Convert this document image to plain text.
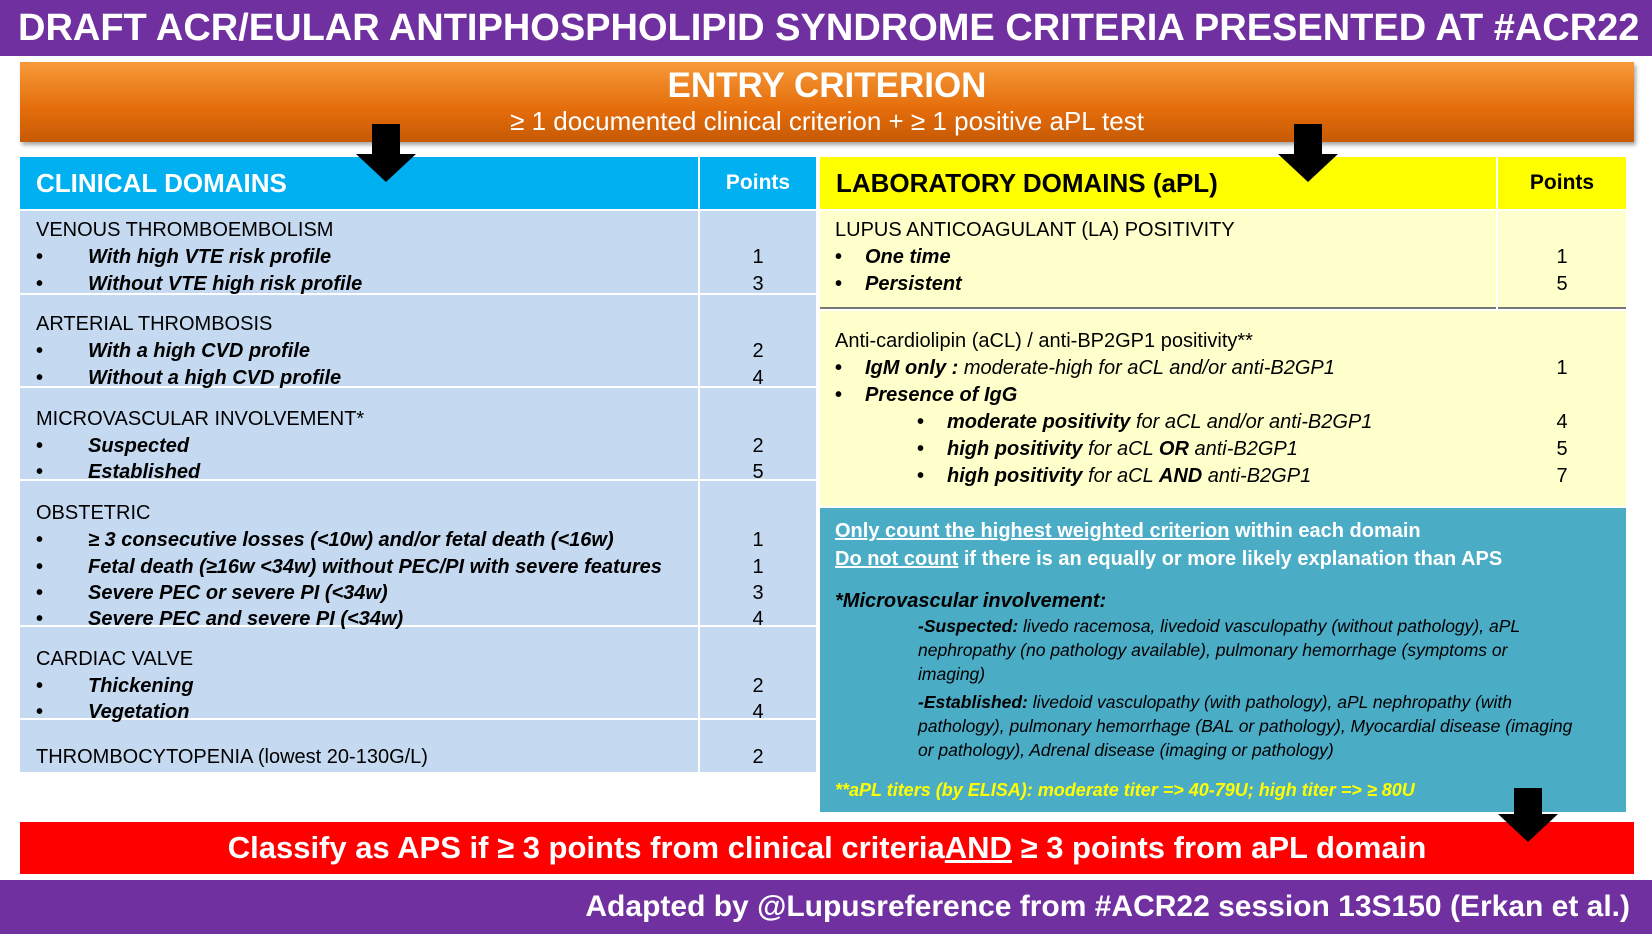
DRAFT ACR/EULAR ANTIPHOSPHOLIPID SYNDROME CRITERIA PRESENTED AT #ACR22
ENTRY CRITERION
≥ 1 documented clinical criterion + ≥ 1 positive aPL test
CLINICAL DOMAINS	Points	LABORATORY DOMAINS (aPL)	Points
VENOUS THROMBOEMBOLISM
• With high VTE risk profile	1
• Without VTE high risk profile	3
ARTERIAL THROMBOSIS
• With a high CVD profile	2
• Without a high CVD profile	4
MICROVASCULAR INVOLVEMENT*
• Suspected	2
• Established	5
OBSTETRIC
• ≥ 3 consecutive losses (<10w) and/or fetal death (<16w)	1
• Fetal death (≥16w <34w) without PEC/PI with severe features	1
• Severe PEC or severe PI (<34w)	3
• Severe PEC and severe PI (<34w)	4
CARDIAC VALVE
• Thickening	2
• Vegetation	4
THROMBOCYTOPENIA (lowest 20-130G/L)	2
LUPUS ANTICOAGULANT (LA) POSITIVITY
• One time	1
• Persistent	5
Anti-cardiolipin (aCL) / anti-BP2GP1 positivity**
• IgM only : moderate-high for aCL and/or anti-B2GP1	1
• Presence of IgG
• moderate positivity for aCL and/or anti-B2GP1	4
• high positivity for aCL OR anti-B2GP1	5
• high positivity for aCL AND anti-B2GP1	7
Only count the highest weighted criterion within each domain
Do not count if there is an equally or more likely explanation than APS
*Microvascular involvement:
-Suspected: livedo racemosa, livedoid vasculopathy (without pathology), aPL nephropathy (no pathology available), pulmonary hemorrhage (symptoms or imaging)
-Established: livedoid vasculopathy (with pathology), aPL nephropathy (with pathology), pulmonary hemorrhage (BAL or pathology), Myocardial disease (imaging or pathology), Adrenal disease (imaging or pathology)
**aPL titers (by ELISA): moderate titer => 40-79U; high titer => ≥ 80U
Classify as APS if ≥ 3 points from clinical criteria AND ≥ 3 points from aPL domain
Adapted by @Lupusreference from #ACR22 session 13S150 (Erkan et al.)
